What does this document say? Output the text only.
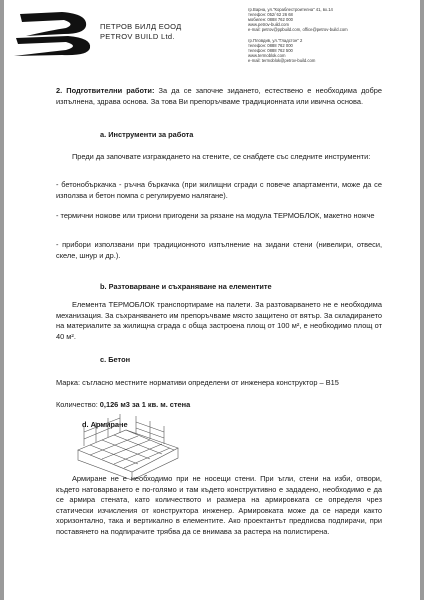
ПЕТРОВ БИЛД ЕООД
PETROV BUILD Ltd.
гр.Варна, ул."Кораблестроителна" 41, вх.14
телефон: 052/ 62 26 68
мобилен: 0888 762 000
www.petrov-build.com
e-mail: petrov@ppbuild.com, office@petrov-build.com
гр.Пловдив, ул."Гладстон" 2
телефон: 0888 762 000
телефон: 0888 762 500
www.termoblok.com
e-mail: termoblok@petrov-build.com
2. Подготвителни работи: За да се започне зидането, естествено е необходима добре изпълнена, здрава основа. За това Ви препоръчваме традиционната или ивична основа.
a. Инструменти за работа
Преди да започвате изграждането на стените, се снабдете със следните инструменти:
- бетонобъркачка - ръчна бъркачка (при жилищни сгради с повече апартаменти, може да се използва и бетон помпа с регулируемо налягане).
- термични ножове или триони пригодени за рязане на модула ТЕРМОБЛОК, макетно ножче
- прибори използвани при традиционното изпълнение на зидани стени (нивелири, отвеси, скеле, шнур и др.).
b. Разтоварване и съхраняване на елементите
Елемента ТЕРМОБЛОК транспортираме на палети. За разтоварването не е необходима механизация. За съхраняването им препоръчваме място защитено от вятър. За складирането на материалите за жилищна сграда с обща застроена площ от 100 м², е необходимо площ от 40 м².
c. Бетон
Марка: съгласно местните нормативи определени от инженера конструктор – В15
Количество: 0,126 м3 за 1 кв. м. стена
d. Армиране
Армиране не е необходимо при не носещи стени. При ъгли, стени на изби, отвори, където натоварването е по-голямо и там където конструктивно е зададено, необходимо е да се армира стената, като количеството и размера на армировката се определя чрез статически изчисления от конструктора инженер. Армировката може да се нареди както хоризонтално, така и вертикално в елементите. Ако проектантът предписва подпирачи, при поставянето на подпирачите трябва да се внимава за растера на полистирена.
